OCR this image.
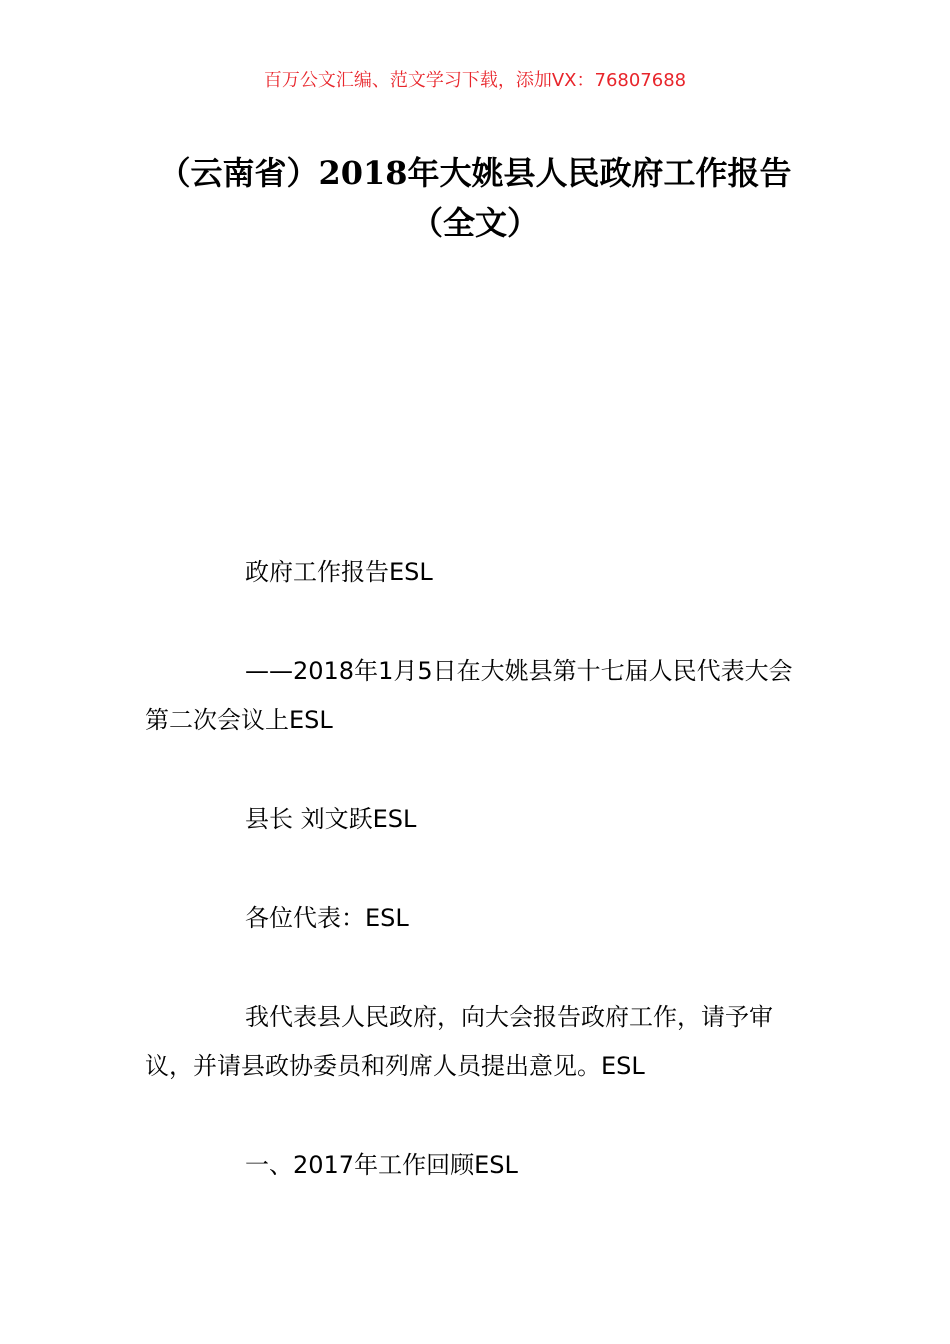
百万公文汇编、范文学习下载，添加VX：76807688
（云南省）2018年大姚县人民政府工作报告（全文）

政府工作报告ESL

——2018年1月5日在大姚县第十七届人民代表大会第二次会议上ESL

县长 刘文跃ESL

各位代表：ESL

我代表县人民政府，向大会报告政府工作，请予审议，并请县政协委员和列席人员提出意见。ESL

一、2017年工作回顾ESL
